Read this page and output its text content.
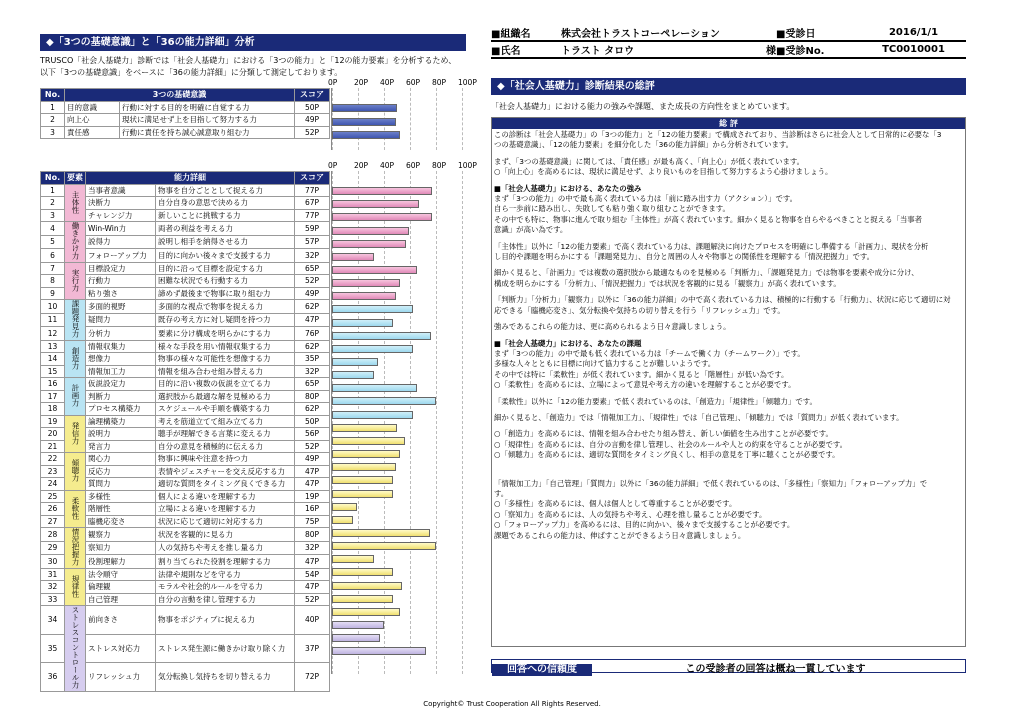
◆「3つの基礎意識」と「36の能力詳細」分析
TRUSCO「社会人基礎力」診断では「社会人基礎力」における「3つの能力」と「12の能力要素」を分析するため、
以下「3つの基礎意識」をベースに「36の能力詳細」に分類して測定しております。
No.	3つの基礎意識		スコア
1	目的意識	行動に対する目的を明確に自覚する力	50P
2	向上心	現状に満足せず上を目指して努力する力	49P
3	責任感	行動に責任を持ち誠心誠意取り組む力	52P
0P 20P 40P 60P 80P 100P
No.	要素	能力詳細		スコア
1	主体性	当事者意識	物事を自分ごととして捉える力	77P
2		決断力	自分自身の意思で決める力	67P
3		チャレンジ力	新しいことに挑戦する力	77P
4	働きかけ力	Win-Win力	両者の利益を考える力	59P
5		説得力	説明し相手を納得させる力	57P
6		フォローアップ力	目的に向かい後々まで支援する力	32P
7	実行力	目標設定力	目的に沿って目標を設定する力	65P
8		行動力	困難な状況でも行動する力	52P
9		粘り強さ	諦めず最後まで物事に取り組む力	49P
10	課題発見力	多面的視野	多面的な視点で物事を捉える力	62P
11		疑問力	既存の考え方に対し疑問を持つ力	47P
12		分析力	要素に分け構成を明らかにする力	76P
13	創造力	情報収集力	様々な手段を用い情報収集する力	62P
14		想像力	物事の様々な可能性を想像する力	35P
15		情報加工力	情報を組み合わせ組み替える力	32P
16	計画力	仮説設定力	目的に沿い複数の仮説を立てる力	65P
17		判断力	選択肢から最適な解を見極める力	80P
18		プロセス構築力	スケジュールや手順を構築する力	62P
19	発信力	論理構築力	考えを筋道立てて組み立てる力	50P
20		説明力	聴手が理解できる言葉に変える力	56P
21		発言力	自分の意見を積極的に伝える力	52P
22	傾聴力	関心力	物事に興味や注意を持つ力	49P
23		反応力	表情やジェスチャーを交え反応する力	47P
24		質問力	適切な質問をタイミング良くできる力	47P
25	柔軟性	多様性	個人による違いを理解する力	19P
26		階層性	立場による違いを理解する力	16P
27		臨機応変さ	状況に応じて適切に対応する力	75P
28	情況把握力	観察力	状況を客観的に見る力	80P
29		察知力	人の気持ちや考えを推し量る力	32P
30		役割理解力	割り当てられた役割を理解する力	47P
31	規律性	法令順守	法律や規則などを守る力	54P
32		倫理観	モラルや社会的ルールを守る力	47P
33		自己管理	自分の言動を律し管理する力	52P
34	ストレスコントロール力	前向きさ	物事をポジティブに捉える力	40P
35		ストレス対応力	ストレス発生源に働きかけ取り除く力	37P
36		リフレッシュ力	気分転換し気持ちを切り替える力	72P
0P 20P 40P 60P 80P 100P
■組織名	株式会社トラストコーペレーション	■受診日	2016/1/1
■氏名	トラスト タロウ 様	■受診No.	TC0010001
◆「社会人基礎力」診断結果の総評
「社会人基礎力」における能力の強みや課題、また成長の方向性をまとめています。
総 評

この診断は「社会人基礎力」の「3つの能力」と「12の能力要素」で構成されており、当診断はさらに社会人として日常的に必要な「3

つの基礎意識」、「12の能力要素」を細分化した「36の能力詳細」から分析されています。

まず、「3つの基礎意識」に関しては、「責任感」が最も高く、「向上心」が低く表れています。

○「向上心」を高めるには、現状に満足せず、より良いものを目指して努力するよう心掛けましょう。

■「社会人基礎力」における、あなたの強み

まず「3つの能力」の中で最も高く表れている力は「前に踏み出す力（アクション）」です。

自ら一歩前に踏み出し、失敗しても粘り強く取り組むことができます。

その中でも特に、物事に進んで取り組む「主体性」が高く表れています。細かく見ると物事を自らやるべきことと捉える「当事者

意識」が高い為です。

「主体性」以外に「12の能力要素」で高く表れている力は、課題解決に向けたプロセスを明確にし準備する「計画力」、現状を分析

し目的や課題を明らかにする「課題発見力」、自分と周囲の人々や物事との関係性を理解する「情況把握力」です。

細かく見ると、「計画力」では複数の選択肢から最適なものを見極める「判断力」、「課題発見力」では物事を要素や成分に分け、

構成を明らかにする「分析力」、「情況把握力」では状況を客観的に見る「観察力」が高く表れています。

「判断力」「分析力」「観察力」以外に「36の能力詳細」の中で高く表れている力は、積極的に行動する「行動力」、状況に応じて適切に対

応できる「臨機応変さ」、気分転換や気持ちの切り替えを行う「リフレッシュ力」です。

強みであるこれらの能力は、更に高められるよう日々意識しましょう。

■「社会人基礎力」における、あなたの課題

まず「3つの能力」の中で最も低く表れている力は「チームで働く力（チームワーク）」です。

多様な人々とともに目標に向けて協力することが難しいようです。

その中では特に「柔軟性」が低く表れています。細かく見ると「階層性」が低い為です。

○「柔軟性」を高めるには、立場によって意見や考え方の違いを理解することが必要です。

「柔軟性」以外に「12の能力要素」で低く表れているのは、「創造力」「規律性」「傾聴力」です。

細かく見ると、「創造力」では「情報加工力」、「規律性」では「自己管理」、「傾聴力」では「質問力」が低く表れています。

○「創造力」を高めるには、情報を組み合わせたり組み替え、新しい価値を生み出すことが必要です。

○「規律性」を高めるには、自分の言動を律し管理し、社会のルールや人との約束を守ることが必要です。

○「傾聴力」を高めるには、適切な質問をタイミング良くし、相手の意見を丁寧に聴くことが必要です。

「情報加工力」「自己管理」「質問力」以外に「36の能力詳細」で低く表れているのは、「多様性」「察知力」「フォローアップ力」で

す。

○「多様性」を高めるには、個人は個人として尊重することが必要です。

○「察知力」を高めるには、人の気持ちや考え、心理を推し量ることが必要です。

○「フォローアップ力」を高めるには、目的に向かい、後々まで支援することが必要です。

課題であるこれらの能力は、伸ばすことができるよう日々意識しましょう。

回答への信頼度	この受診者の回答は概ね一貫しています
Copyright© Trust Cooperation All Rights Reserved.
